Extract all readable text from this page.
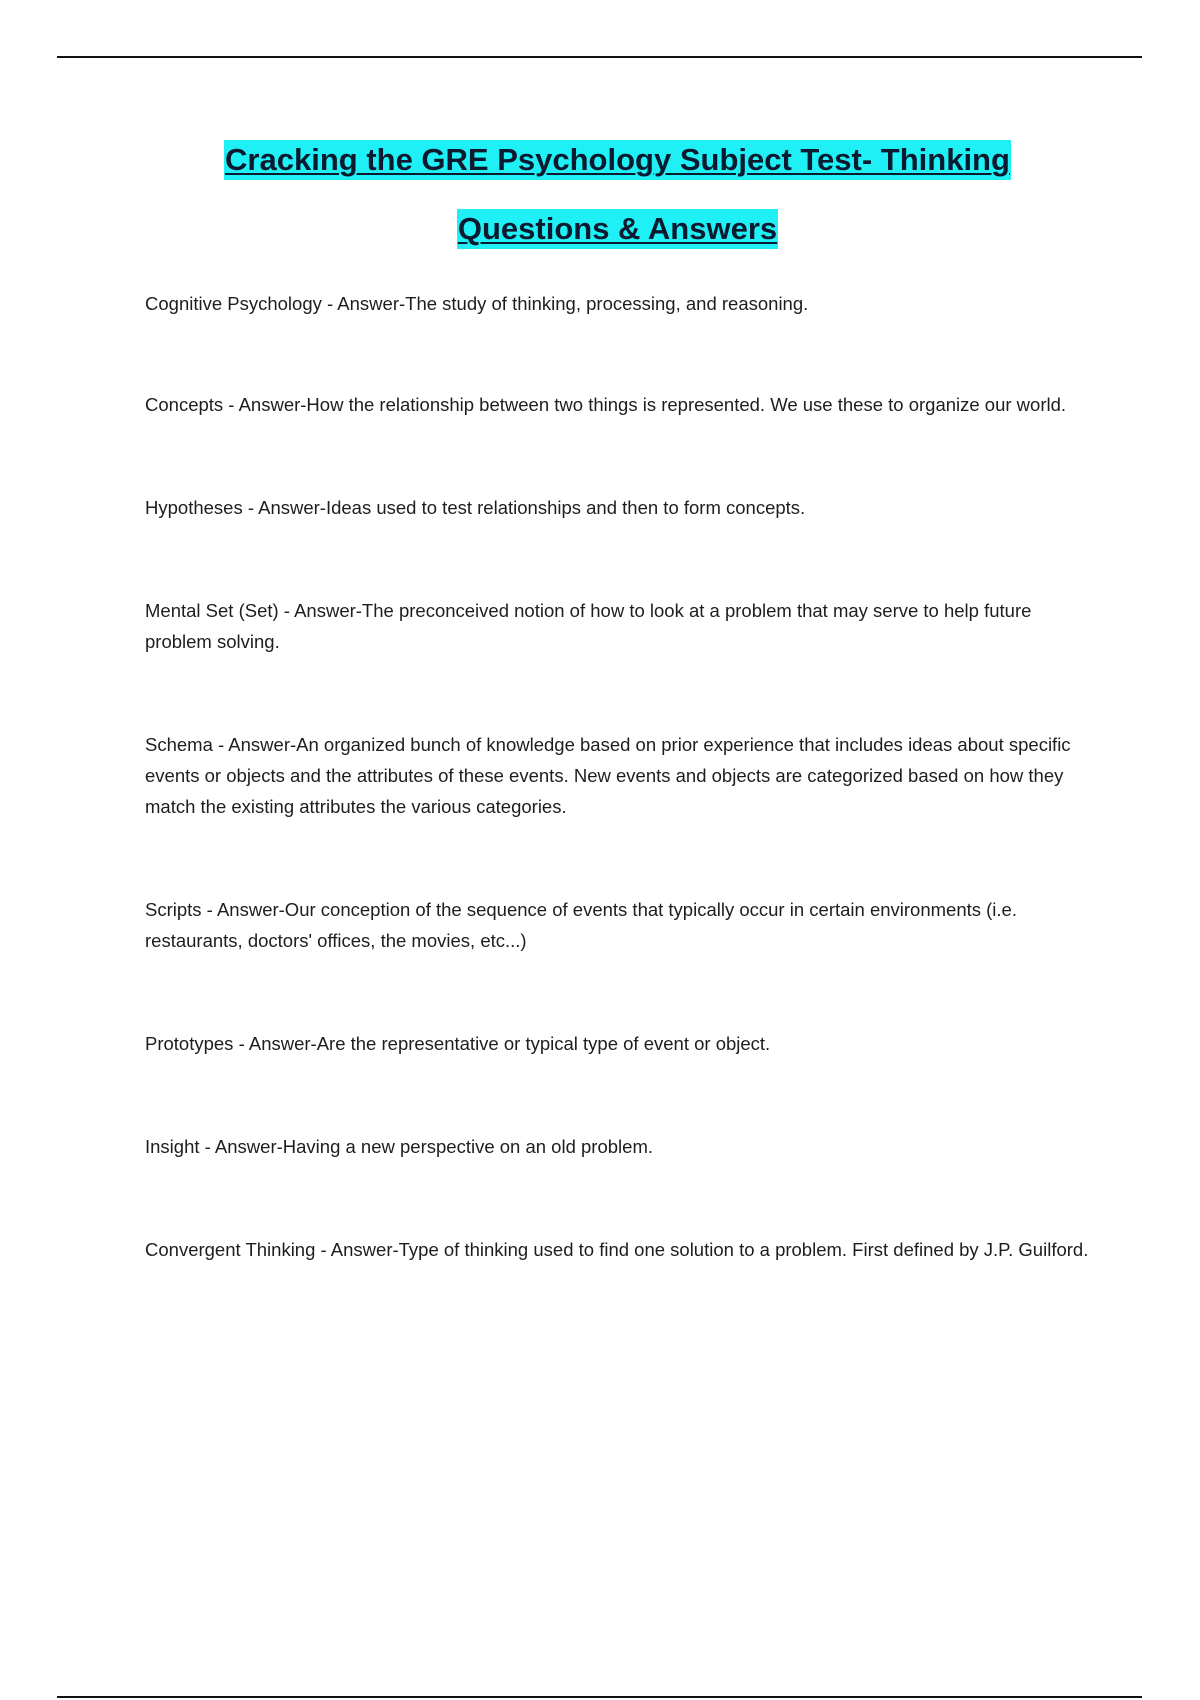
Cracking the GRE Psychology Subject Test- Thinking
Questions & Answers

Cognitive Psychology - Answer-The study of thinking, processing, and reasoning.

Concepts - Answer-How the relationship between two things is represented. We use these to organize our world.

Hypotheses - Answer-Ideas used to test relationships and then to form concepts.

Mental Set (Set) - Answer-The preconceived notion of how to look at a problem that may serve to help future problem solving.

Schema - Answer-An organized bunch of knowledge based on prior experience that includes ideas about specific events or objects and the attributes of these events. New events and objects are categorized based on how they match the existing attributes the various categories.

Scripts - Answer-Our conception of the sequence of events that typically occur in certain environments (i.e. restaurants, doctors' offices, the movies, etc...)

Prototypes - Answer-Are the representative or typical type of event or object.

Insight - Answer-Having a new perspective on an old problem.

Convergent Thinking - Answer-Type of thinking used to find one solution to a problem. First defined by J.P. Guilford.
